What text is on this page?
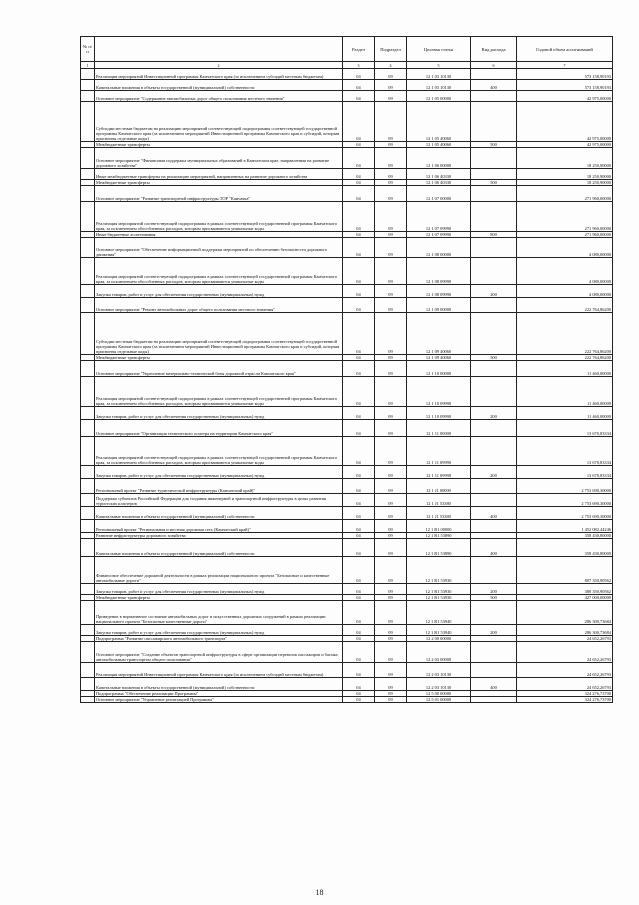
№ п/п		Раздел	Подраздел	Целевая статья	Вид расхода	Годовой объем ассигнований
1	2	3	4	5	6	7
	Реализация мероприятий Инвестиционной программы Камчатского края (за исключением субсидий местным бюджетам)	04	09	12 1 03 10130		573 158,90193
	Капитальные вложения в объекты государственной (муниципальной) собственности	04	09	12 1 03 10130	400	573 158,90193
	Основное мероприятие "Содержание автомобильных дорог общего пользования местного значения"	04	09	12 1 05 00000		42 975,00000
	Субсидии местным бюджетам на реализацию мероприятий соответствующей подпрограммы соответствующей государственной программы Камчатского края (за исключением мероприятий Инвестиционной программы Камчатского края и субсидий, которым присвоены отдельные коды)	04	09	12 1 05 40060		42 975,00000
	Межбюджетные трансферты	04	09	12 1 05 40060	500	42 975,00000
	Основное мероприятие "Финансовая поддержка муниципальных образований в Камчатском крае, направленная на развитие дорожного хозяйства"	04	09	12 1 06 00000		18 250,90000
	Иные межбюджетные трансферты на реализацию мероприятий, направленных на развитие дорожного хозяйства	04	09	12 1 06 40330		18 250,90000
	Межбюджетные трансферты	04	09	12 1 06 40330	500	18 250,90000
	Основное мероприятие "Развитие транспортной инфраструктуры ТОР "Камчатка"	04	09	12 1 07 00000		271 960,00000
	Реализация мероприятий соответствующей подпрограммы в рамках соответствующей государственной программы Камчатского края, за исключением обособленных расходов, которым присваиваются уникальные коды	04	09	12 1 07 09990		271 960,00000
	Иные бюджетные ассигнования	04	09	12 1 07 09990	800	271 960,00000
	Основное мероприятие "Обеспечение информационной поддержки мероприятий по обеспечению безопасности дорожного движения"	04	09	12 1 08 00000		4 080,00000
	Реализация мероприятий соответствующей подпрограммы в рамках соответствующей государственной программы Камчатского края, за исключением обособленных расходов, которым присваиваются уникальные коды	04	09	12 1 08 09990		4 080,00000
	Закупка товаров, работ и услуг для обеспечения государственных (муниципальных) нужд	04	09	12 1 08 09990	200	4 080,00000
	Основное мероприятие "Ремонт автомобильных дорог общего пользования местного значения"	04	09	12 1 09 00000		222 764,86200
	Субсидии местным бюджетам на реализацию мероприятий соответствующей подпрограммы соответствующей государственной программы Камчатского края (за исключением мероприятий Инвестиционной программы Камчатского края и субсидий, которым присвоены отдельные коды)	04	09	12 1 09 40060		222 764,86200
	Межбюджетные трансферты	04	09	12 1 09 40060	500	222 764,86200
	Основное мероприятие "Укрепление материально-технической базы дорожной отрасли Камчатского края"	04	09	12 1 10 00000		11 460,00000
	Реализация мероприятий соответствующей подпрограммы в рамках соответствующей государственной программы Камчатского края, за исключением обособленных расходов, которым присваиваются уникальные коды	04	09	12 1 10 09990		11 460,00000
	Закупка товаров, работ и услуг для обеспечения государственных (муниципальных) нужд	04	09	12 1 10 09990	200	11 460,00000
	Основное мероприятие "Организация технического осмотра на территории Камчатского края"	04	09	12 1 11 00000		13 670,83334
	Реализация мероприятий соответствующей подпрограммы в рамках соответствующей государственной программы Камчатского края, за исключением обособленных расходов, которым присваиваются уникальные коды	04	09	12 1 11 09990		13 670,83334
	Закупка товаров, работ и услуг для обеспечения государственных (муниципальных) нужд	04	09	12 1 11 09990	200	13 670,83334
	Региональный проект "Развитие туристической инфраструктуры (Камчатский край)"	04	09	12 1 J1 00000		2 753 690,30000
	Поддержка субъектов Российской Федерации для создания инженерной и транспортной инфраструктуры в целях развития туристских кластеров	04	09	12 1 J1 53380		2 753 690,30000
	Капитальные вложения в объекты государственной (муниципальной) собственности	04	09	12 1 J1 53380	400	2 753 690,30000
	Региональный проект "Региональная и местная дорожная сеть (Камчатский край)"	04	09	12 1 R1 00000		1 452 082,44246
	Развитие инфраструктуры дорожного хозяйства	04	09	12 1 R1 53890		358 430,80000
	Капитальные вложения в объекты государственной (муниципальной) собственности	04	09	12 1 R1 53890	400	358 430,80000
	Финансовое обеспечение дорожной деятельности в рамках реализации национального проекта "Безопасные и качественные автомобильные дороги"	04	09	12 1 R1 53930		807 350,90562
	Закупка товаров, работ и услуг для обеспечения государственных (муниципальных) нужд	04	09	12 1 R1 53930	200	380 350,90562
	Межбюджетные трансферты	04	09	12 1 R1 53930	500	427 000,00000
	Приведение в нормативное состояние автомобильных дорог и искусственных дорожных сооружений в рамках реализации национального проекта "Безопасные качественные дороги"	04	09	12 1 R1 53940		286 300,73684
	Закупка товаров, работ и услуг для обеспечения государственных (муниципальных) нужд	04	09	12 1 R1 53940	200	286 300,73684
	Подпрограмма "Развитие пассажирского автомобильного транспорта"	04	09	12 2 00 00000		24 652,26793
	Основное мероприятие "Создание объектов транспортной инфраструктуры в сфере организации перевозок пассажиров и багажа автомобильным транспортом общего пользования"	04	09	12 2 03 00000		24 652,26793
	Реализация мероприятий Инвестиционной программы Камчатского края (за исключением субсидий местным бюджетам)	04	09	12 2 03 10130		24 652,26793
	Капитальные вложения в объекты государственной (муниципальной) собственности	04	09	12 2 03 10130	400	24 652,26793
	Подпрограмма "Обеспечение реализации Программы"	04	09	12 5 00 00000		324 276,73700
	Основное мероприятие "Управление реализацией Программы"	04	09	12 5 01 00000		324 276,73700
18
